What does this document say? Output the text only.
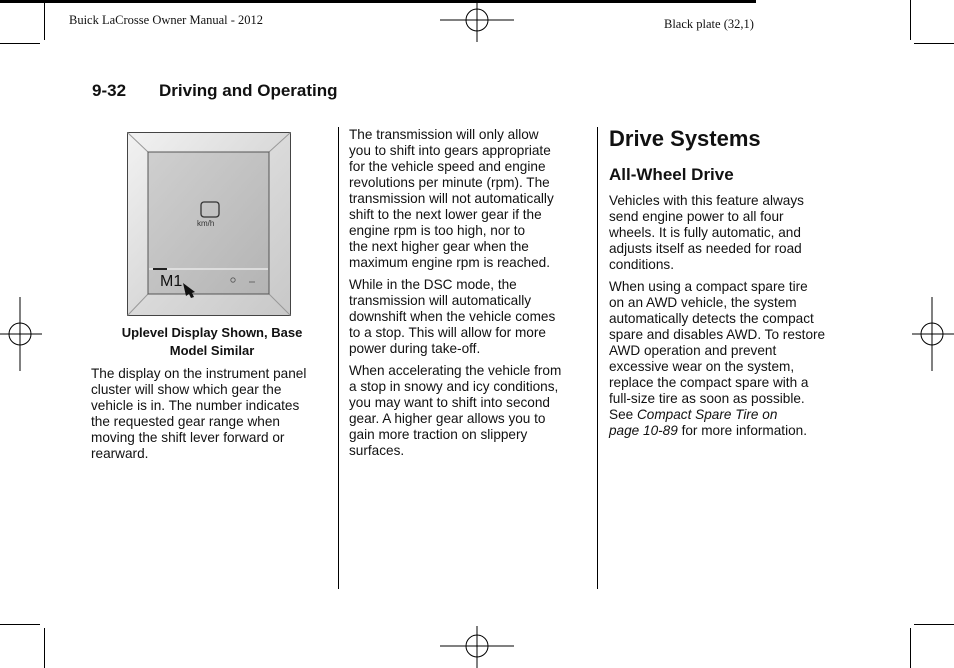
Buick LaCrosse Owner Manual - 2012	Black plate (32,1)
9-32 Driving and Operating
km/h
M1
Uplevel Display Shown, Base
Model Similar

The display on the instrument panel
cluster will show which gear the
vehicle is in. The number indicates
the requested gear range when
moving the shift lever forward or
rearward.

The transmission will only allow
you to shift into gears appropriate
for the vehicle speed and engine
revolutions per minute (rpm). The
transmission will not automatically
shift to the next lower gear if the
engine rpm is too high, nor to
the next higher gear when the
maximum engine rpm is reached.

While in the DSC mode, the
transmission will automatically
downshift when the vehicle comes
to a stop. This will allow for more
power during take-off.

When accelerating the vehicle from
a stop in snowy and icy conditions,
you may want to shift into second
gear. A higher gear allows you to
gain more traction on slippery
surfaces.

Drive Systems
All-Wheel Drive

Vehicles with this feature always
send engine power to all four
wheels. It is fully automatic, and
adjusts itself as needed for road
conditions.

When using a compact spare tire
on an AWD vehicle, the system
automatically detects the compact
spare and disables AWD. To restore
AWD operation and prevent
excessive wear on the system,
replace the compact spare with a
full-size tire as soon as possible.
See Compact Spare Tire on
page 10-89 for more information.
